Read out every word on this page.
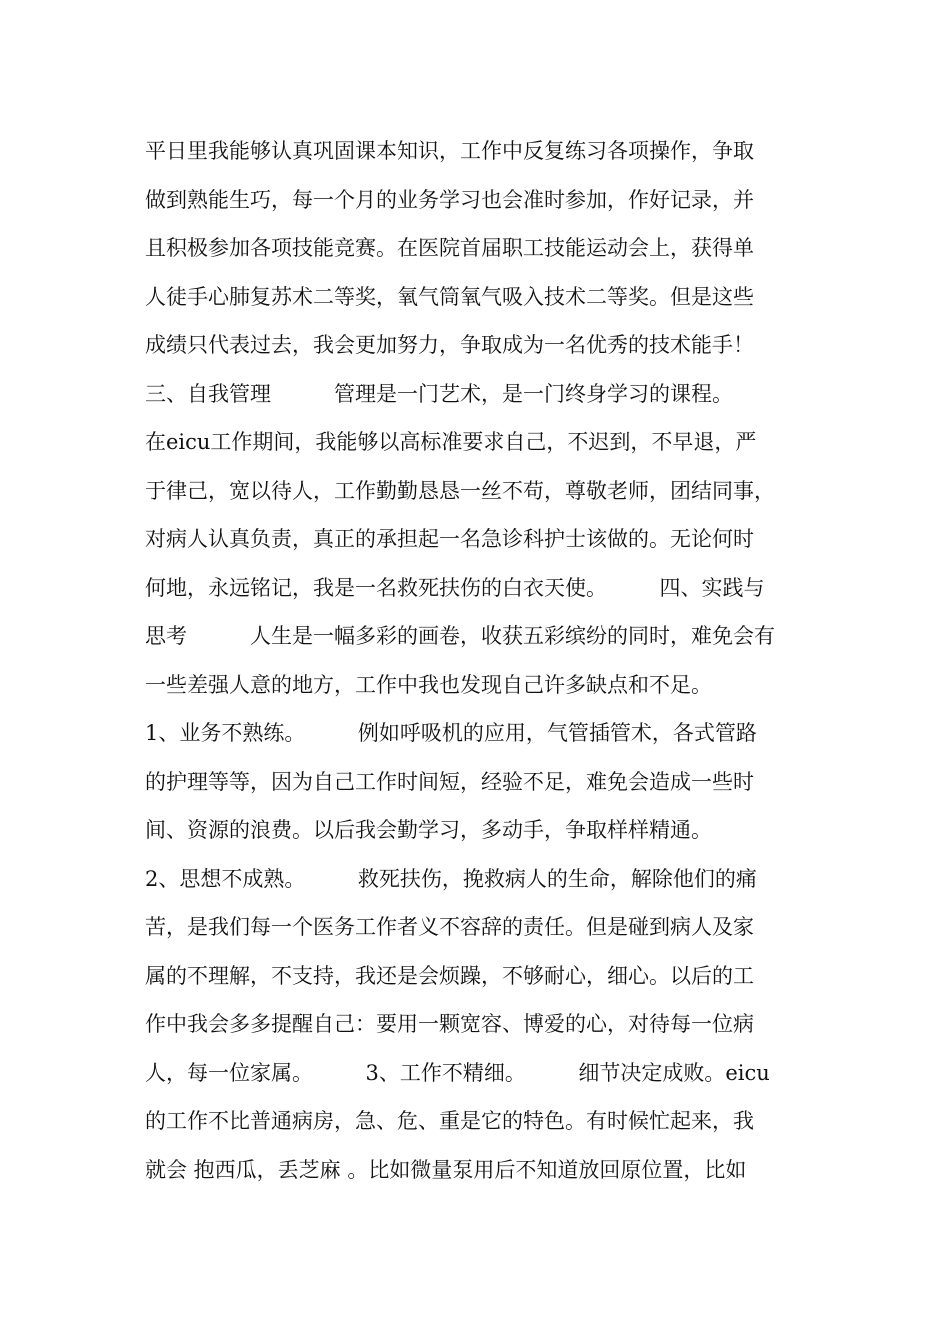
平日里我能够认真巩固课本知识，工作中反复练习各项操作，争取
做到熟能生巧，每一个月的业务学习也会准时参加，作好记录，并
且积极参加各项技能竞赛。在医院首届职工技能运动会上，获得单
人徒手心肺复苏术二等奖，氧气筒氧气吸入技术二等奖。但是这些
成绩只代表过去，我会更加努力，争取成为一名优秀的技术能手！
三、自我管理　　　管理是一门艺术，是一门终身学习的课程。
在eicu工作期间，我能够以高标准要求自己，不迟到，不早退，严
于律己，宽以待人，工作勤勤恳恳一丝不苟，尊敬老师，团结同事，
对病人认真负责，真正的承担起一名急诊科护士该做的。无论何时
何地，永远铭记，我是一名救死扶伤的白衣天使。　　　四、实践与
思考　　　人生是一幅多彩的画卷，收获五彩缤纷的同时，难免会有
一些差强人意的地方，工作中我也发现自己许多缺点和不足。
1、业务不熟练。　　　例如呼吸机的应用，气管插管术，各式管路
的护理等等，因为自己工作时间短，经验不足，难免会造成一些时
间、资源的浪费。以后我会勤学习，多动手，争取样样精通。
2、思想不成熟。　　　救死扶伤，挽救病人的生命，解除他们的痛
苦，是我们每一个医务工作者义不容辞的责任。但是碰到病人及家
属的不理解，不支持，我还是会烦躁，不够耐心，细心。以后的工
作中我会多多提醒自己：要用一颗宽容、博爱的心，对待每一位病
人，每一位家属。　　　3、工作不精细。　　　细节决定成败。eicu
的工作不比普通病房，急、危、重是它的特色。有时候忙起来，我
就会 抱西瓜，丢芝麻 。比如微量泵用后不知道放回原位置，比如
